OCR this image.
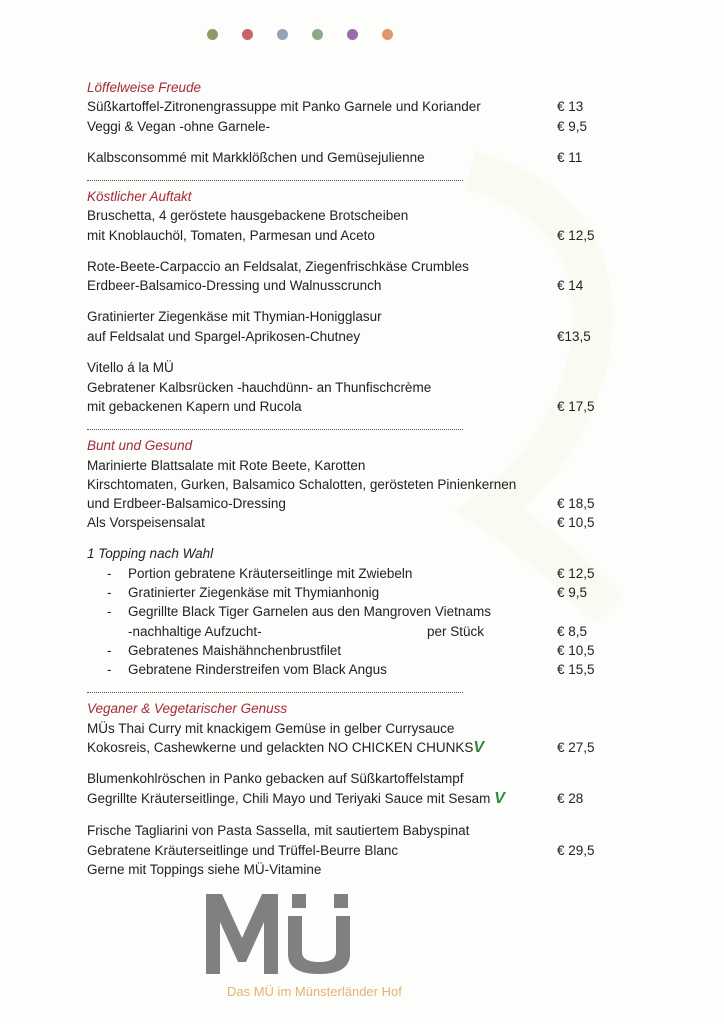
Löffelweise Freude
Süßkartoffel-Zitronengrassuppe mit Panko Garnele und Koriander	€ 13
Veggi & Vegan -ohne Garnele-	€ 9,5
Kalbsconsommé mit Markklößchen und Gemüsejulienne	€ 11
Köstlicher Auftakt
Bruschetta, 4 geröstete hausgebackene Brotscheiben
mit Knoblauchöl, Tomaten, Parmesan und Aceto	€ 12,5
Rote-Beete-Carpaccio an Feldsalat, Ziegenfrischkäse Crumbles
Erdbeer-Balsamico-Dressing und Walnusscrunch	€ 14
Gratinierter Ziegenkäse mit Thymian-Honigglasur
auf Feldsalat und Spargel-Aprikosen-Chutney	€13,5
Vitello á la MÜ
Gebratener Kalbsrücken -hauchdünn- an Thunfischcrème
mit gebackenen Kapern und Rucola	€ 17,5
Bunt und Gesund
Marinierte Blattsalate mit Rote Beete, Karotten
Kirschtomaten, Gurken, Balsamico Schalotten, gerösteten Pinienkernen
und Erdbeer-Balsamico-Dressing	€ 18,5
Als Vorspeisensalat	€ 10,5
1 Topping nach Wahl
- Portion gebratene Kräuterseitlinge mit Zwiebeln	€ 12,5
- Gratinierter Ziegenkäse mit Thymianhonig	€ 9,5
- Gegrillte Black Tiger Garnelen aus den Mangroven Vietnams
-nachhaltige Aufzucht-	per Stück	€ 8,5
- Gebratenes Maishähnchenbrustfilet	€ 10,5
- Gebratene Rinderstreifen vom Black Angus	€ 15,5
Veganer & Vegetarischer Genuss
MÜs Thai Curry mit knackigem Gemüse in gelber Currysauce
Kokosreis, Cashewkerne und gelackten NO CHICKEN CHUNKSV	€ 27,5
Blumenkohlröschen in Panko gebacken auf Süßkartoffelstampf
Gegrillte Kräuterseitlinge, Chili Mayo und Teriyaki Sauce mit Sesam V	€ 28
Frische Tagliarini von Pasta Sassella, mit sautiertem Babyspinat
Gebratene Kräuterseitlinge und Trüffel-Beurre Blanc	€ 29,5
Gerne mit Toppings siehe MÜ-Vitamine
Das MÜ im Münsterländer Hof
